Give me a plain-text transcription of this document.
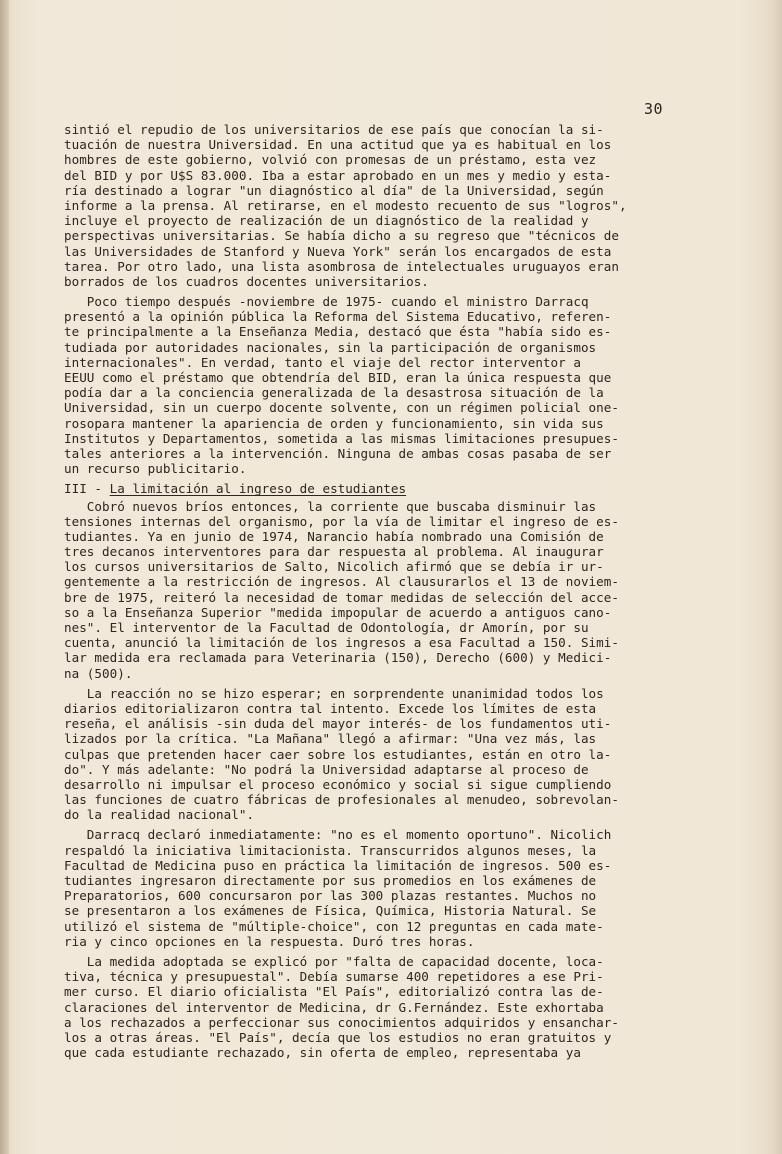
30
sintió el repudio de los universitarios de ese país que conocían la si-
tuación de nuestra Universidad. En una actitud que ya es habitual en los
hombres de este gobierno, volvió con promesas de un préstamo, esta vez
del BID y por U$S 83.000. Iba a estar aprobado en un mes y medio y esta-
ría destinado a lograr "un diagnóstico al día" de la Universidad, según
informe a la prensa. Al retirarse, en el modesto recuento de sus "logros",
incluye el proyecto de realización de un diagnóstico de la realidad y
perspectivas universitarias. Se había dicho a su regreso que "técnicos de
las Universidades de Stanford y Nueva York" serán los encargados de esta
tarea. Por otro lado, una lista asombrosa de intelectuales uruguayos eran
borrados de los cuadros docentes universitarios.
Poco tiempo después -noviembre de 1975- cuando el ministro Darracq
presentó a la opinión pública la Reforma del Sistema Educativo, referen-
te principalmente a la Enseñanza Media, destacó que ésta "había sido es-
tudiada por autoridades nacionales, sin la participación de organismos
internacionales". En verdad, tanto el viaje del rector interventor a
EEUU como el préstamo que obtendría del BID, eran la única respuesta que
podía dar a la conciencia generalizada de la desastrosa situación de la
Universidad, sin un cuerpo docente solvente, con un régimen policial one-
rosopara mantener la apariencia de orden y funcionamiento, sin vida sus
Institutos y Departamentos, sometida a las mismas limitaciones presupues-
tales anteriores a la intervención. Ninguna de ambas cosas pasaba de ser
un recurso publicitario.
III - La limitación al ingreso de estudiantes
Cobró nuevos bríos entonces, la corriente que buscaba disminuir las
tensiones internas del organismo, por la vía de limitar el ingreso de es-
tudiantes. Ya en junio de 1974, Narancio había nombrado una Comisión de
tres decanos interventores para dar respuesta al problema. Al inaugurar
los cursos universitarios de Salto, Nicolich afirmó que se debía ir ur-
gentemente a la restricción de ingresos. Al clausurarlos el 13 de noviem-
bre de 1975, reiteró la necesidad de tomar medidas de selección del acce-
so a la Enseñanza Superior "medida impopular de acuerdo a antiguos cano-
nes". El interventor de la Facultad de Odontología, dr Amorín, por su
cuenta, anunció la limitación de los ingresos a esa Facultad a 150. Simi-
lar medida era reclamada para Veterinaria (150), Derecho (600) y Medici-
na (500).
La reacción no se hizo esperar; en sorprendente unanimidad todos los
diarios editorializaron contra tal intento. Excede los límites de esta
reseña, el análisis -sin duda del mayor interés- de los fundamentos uti-
lizados por la crítica. "La Mañana" llegó a afirmar: "Una vez más, las
culpas que pretenden hacer caer sobre los estudiantes, están en otro la-
do". Y más adelante: "No podrá la Universidad adaptarse al proceso de
desarrollo ni impulsar el proceso económico y social si sigue cumpliendo
las funciones de cuatro fábricas de profesionales al menudeo, sobrevolan-
do la realidad nacional".
Darracq declaró inmediatamente: "no es el momento oportuno". Nicolich
respaldó la iniciativa limitacionista. Transcurridos algunos meses, la
Facultad de Medicina puso en práctica la limitación de ingresos. 500 es-
tudiantes ingresaron directamente por sus promedios en los exámenes de
Preparatorios, 600 concursaron por las 300 plazas restantes. Muchos no
se presentaron a los exámenes de Física, Química, Historia Natural. Se
utilizó el sistema de "múltiple-choice", con 12 preguntas en cada mate-
ria y cinco opciones en la respuesta. Duró tres horas.
La medida adoptada se explicó por "falta de capacidad docente, loca-
tiva, técnica y presupuestal". Debía sumarse 400 repetidores a ese Pri-
mer curso. El diario oficialista "El País", editorializó contra las de-
claraciones del interventor de Medicina, dr G.Fernández. Este exhortaba
a los rechazados a perfeccionar sus conocimientos adquiridos y ensanchar-
los a otras áreas. "El País", decía que los estudios no eran gratuitos y
que cada estudiante rechazado, sin oferta de empleo, representaba ya
